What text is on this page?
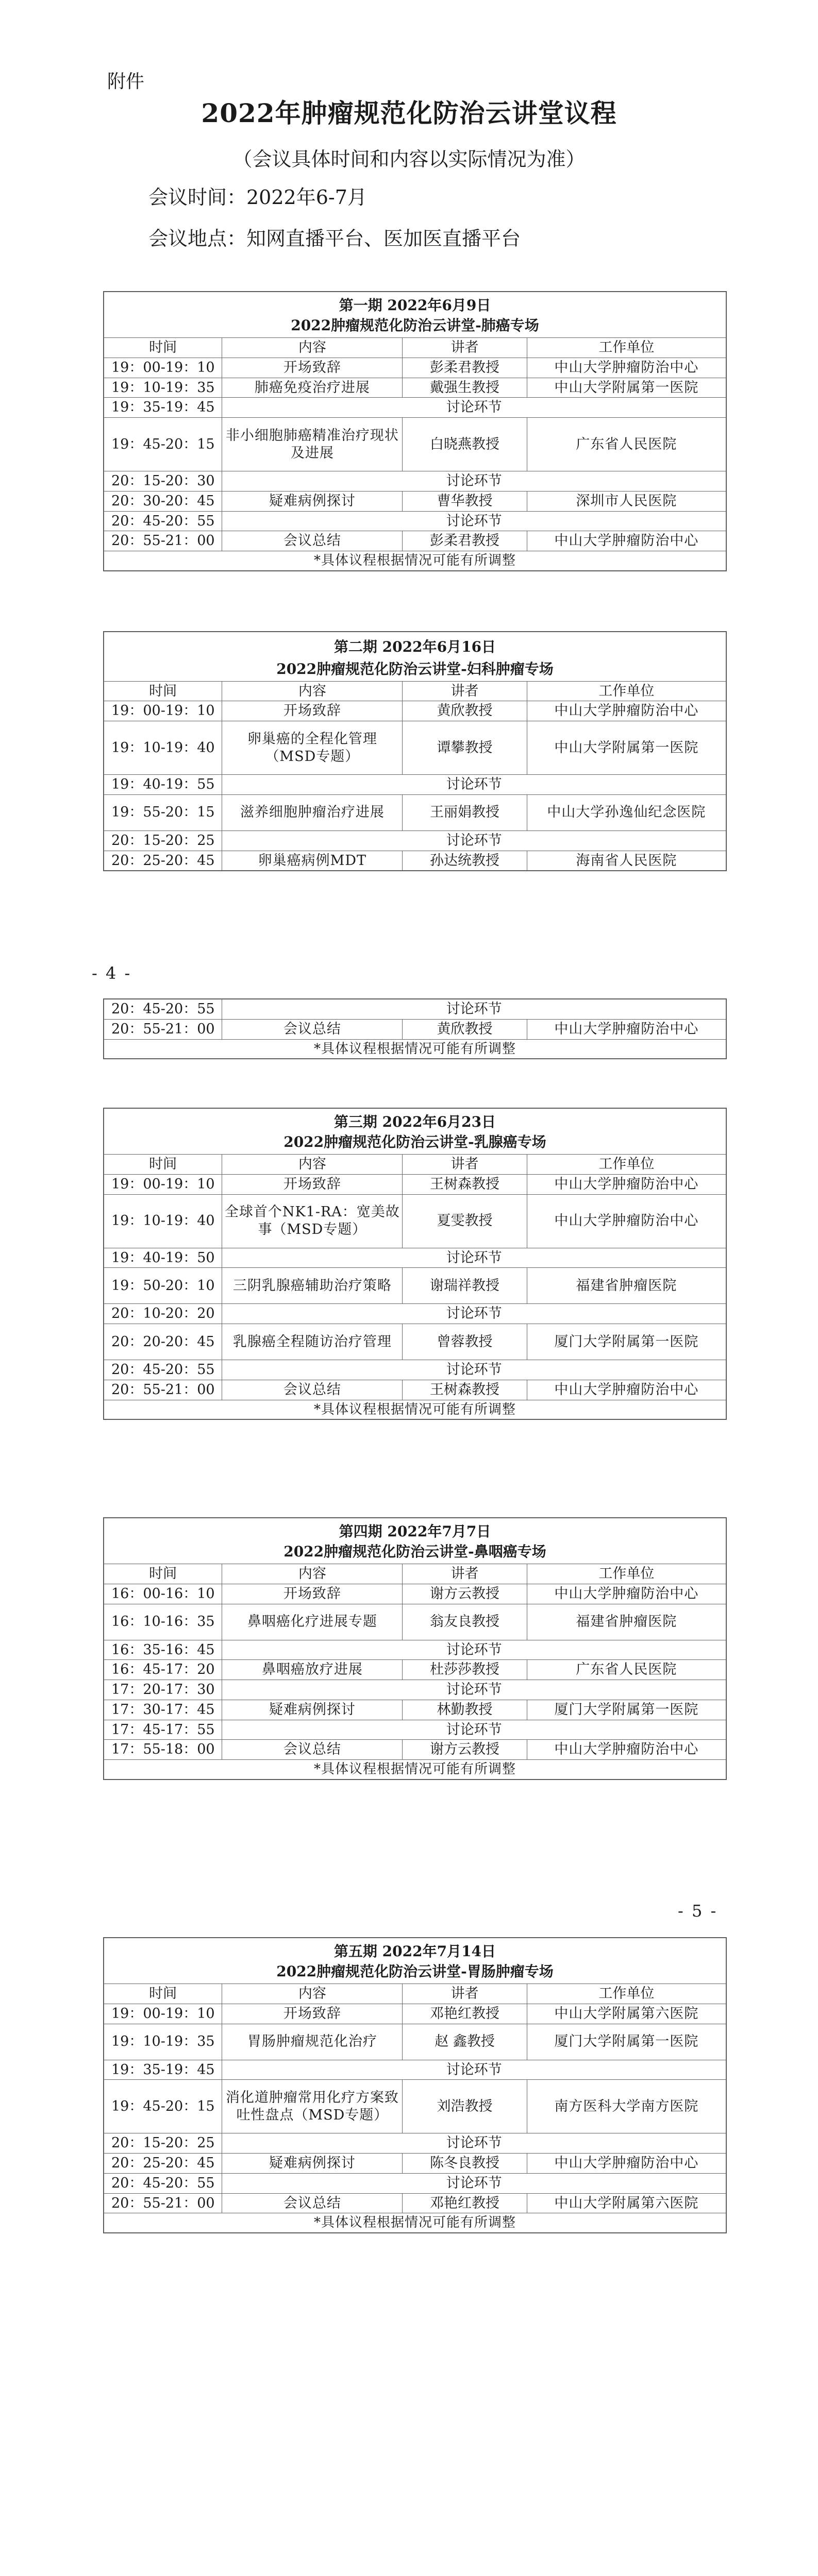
附件
2022年肿瘤规范化防治云讲堂议程
（会议具体时间和内容以实际情况为准）
会议时间：2022年6-7月
会议地点：知网直播平台、医加医直播平台
第一期 2022年6月9日			
2022肿瘤规范化防治云讲堂-肺癌专场			
时间	内容	讲者	工作单位
19：00-19：10	开场致辞	彭柔君教授	中山大学肿瘤防治中心
19：10-19：35	肺癌免疫治疗进展	戴强生教授	中山大学附属第一医院
19：35-19：45	讨论环节		
19：45-20：15	非小细胞肺癌精准治疗现状及进展	白晓燕教授	广东省人民医院
20：15-20：30	讨论环节		
20：30-20：45	疑难病例探讨	曹华教授	深圳市人民医院
20：45-20：55	讨论环节		
20：55-21：00	会议总结	彭柔君教授	中山大学肿瘤防治中心
*具体议程根据情况可能有所调整			
第二期 2022年6月16日			
2022肿瘤规范化防治云讲堂-妇科肿瘤专场			
时间	内容	讲者	工作单位
19：00-19：10	开场致辞	黄欣教授	中山大学肿瘤防治中心
19：10-19：40	卵巢癌的全程化管理（MSD专题）	谭攀教授	中山大学附属第一医院
19：40-19：55	讨论环节		
19：55-20：15	滋养细胞肿瘤治疗进展	王丽娟教授	中山大学孙逸仙纪念医院
20：15-20：25	讨论环节		
20：25-20：45	卵巢癌病例MDT	孙达统教授	海南省人民医院
- 4 -
20：45-20：55	讨论环节		
20：55-21：00	会议总结	黄欣教授	中山大学肿瘤防治中心
*具体议程根据情况可能有所调整			
第三期 2022年6月23日			
2022肿瘤规范化防治云讲堂-乳腺癌专场			
时间	内容	讲者	工作单位
19：00-19：10	开场致辞	王树森教授	中山大学肿瘤防治中心
19：10-19：40	全球首个NK1-RA：宽美故事（MSD专题）	夏雯教授	中山大学肿瘤防治中心
19：40-19：50	讨论环节		
19：50-20：10	三阴乳腺癌辅助治疗策略	谢瑞祥教授	福建省肿瘤医院
20：10-20：20	讨论环节		
20：20-20：45	乳腺癌全程随访治疗管理	曾蓉教授	厦门大学附属第一医院
20：45-20：55	讨论环节		
20：55-21：00	会议总结	王树森教授	中山大学肿瘤防治中心
*具体议程根据情况可能有所调整			
第四期 2022年7月7日			
2022肿瘤规范化防治云讲堂-鼻咽癌专场			
时间	内容	讲者	工作单位
16：00-16：10	开场致辞	谢方云教授	中山大学肿瘤防治中心
16：10-16：35	鼻咽癌化疗进展专题	翁友良教授	福建省肿瘤医院
16：35-16：45	讨论环节		
16：45-17：20	鼻咽癌放疗进展	杜莎莎教授	广东省人民医院
17：20-17：30	讨论环节		
17：30-17：45	疑难病例探讨	林勤教授	厦门大学附属第一医院
17：45-17：55	讨论环节		
17：55-18：00	会议总结	谢方云教授	中山大学肿瘤防治中心
*具体议程根据情况可能有所调整			
- 5 -
第五期 2022年7月14日			
2022肿瘤规范化防治云讲堂-胃肠肿瘤专场			
时间	内容	讲者	工作单位
19：00-19：10	开场致辞	邓艳红教授	中山大学附属第六医院
19：10-19：35	胃肠肿瘤规范化治疗	赵 鑫教授	厦门大学附属第一医院
19：35-19：45	讨论环节		
19：45-20：15	消化道肿瘤常用化疗方案致吐性盘点（MSD专题）	刘浩教授	南方医科大学南方医院
20：15-20：25	讨论环节		
20：25-20：45	疑难病例探讨	陈冬良教授	中山大学肿瘤防治中心
20：45-20：55	讨论环节		
20：55-21：00	会议总结	邓艳红教授	中山大学附属第六医院
*具体议程根据情况可能有所调整			
